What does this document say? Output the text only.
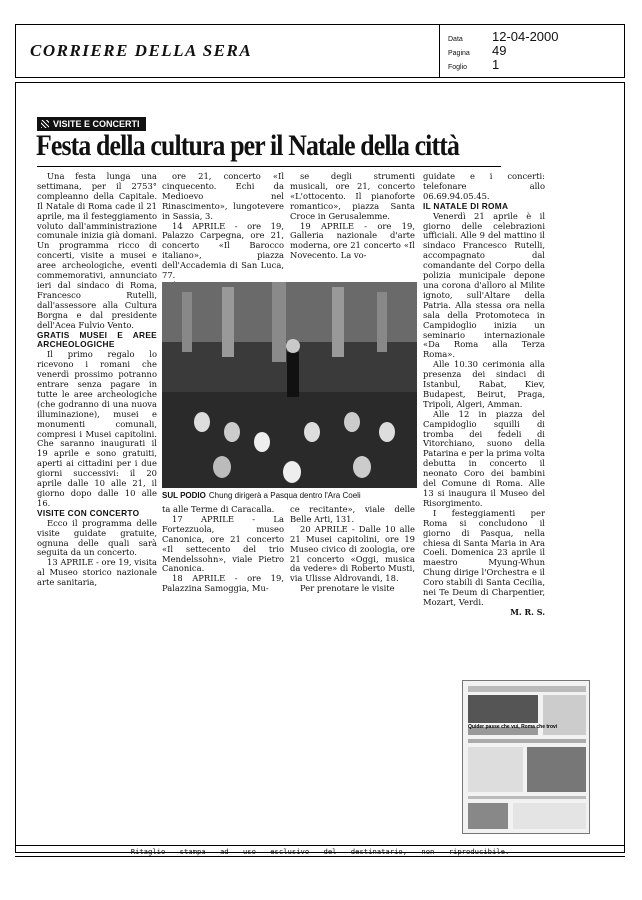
CORRIERE DELLA SERA
Data	12-04-2000
Pagina	49
Foglio	1
VISITE E CONCERTI
Festa della cultura per il Natale della città

Una festa lunga una settimana, per il 2753° compleanno della Capitale. Il Natale di Roma cade il 21 aprile, ma il festeggiamento voluto dall'amministrazione comunale inizia già domani. Un programma ricco di concerti, visite a musei e aree archeologiche, eventi commemorativi, annunciato ieri dal sindaco di Roma, Francesco Rutelli, dall'assessore alla Cultura Borgna e dal presidente dell'Acea Fulvio Vento.

GRATIS MUSEI E AREE ARCHEOLOGICHE

Il primo regalo lo ricevono i romani che venerdì prossimo potranno entrare senza pagare in tutte le aree archeologiche (che godranno di una nuova illuminazione), musei e monumenti comunali, compresi i Musei capitolini. Che saranno inaugurati il 19 aprile e sono gratuiti, aperti ai cittadini per i due giorni successivi: il 20 aprile dalle 10 alle 21, il giorno dopo dalle 10 alle 16.

VISITE CON CONCERTO

Ecco il programma delle visite guidate gratuite, ognuna delle quali sarà seguita da un concerto.

13 APRILE - ore 19, visita al Museo storico nazionale arte sanitaria,

ore 21, concerto «Il cinquecento. Echi da Medioevo nel Rinascimento», lungotevere in Sassia, 3.

14 APRILE - ore 19, Palazzo Carpegna, ore 21, concerto «Il Barocco italiano», piazza dell'Accademia di San Luca, 77.

se degli strumenti musicali, ore 21, concerto «L'ottocento. Il pianoforte romantico», piazza Santa Croce in Gerusalemme.

19 APRILE - ore 19, Galleria nazionale d'arte moderna, ore 21 concerto «Il Novecento. La vo-

SUL PODIO Chung dirigerà a Pasqua dentro l'Ara Coeli

ta alle Terme di Caracalla.

17 APRILE - La Fortezzuola, museo Canonica, ore 21 concerto «Il settecento del trio Mendelssohn», viale Pietro Canonica.

18 APRILE - ore 19, Palazzina Samoggia, Mu-

ce recitante», viale delle Belle Arti, 131.

20 APRILE - Dalle 10 alle 21 Musei capitolini, ore 19 Museo civico di zoologia, ore 21 concerto «Oggi, musica da vedere» di Roberto Musti, via Ulisse Aldrovandi, 18.

Per prenotare le visite

guidate e i concerti: telefonare allo 06.69.94.05.45.

IL NATALE DI ROMA

Venerdì 21 aprile è il giorno delle celebrazioni ufficiali. Alle 9 del mattino il sindaco Francesco Rutelli, accompagnato dal comandante del Corpo della polizia municipale depone una corona d'alloro al Milite ignoto, sull'Altare della Patria. Alla stessa ora nella sala della Protomoteca in Campidoglio inizia un seminario internazionale «Da Roma alla Terza Roma».

Alle 10.30 cerimonia alla presenza dei sindaci di Istanbul, Rabat, Kiev, Budapest, Beirut, Praga, Tripoli, Algeri, Amman.

Alle 12 in piazza del Campidoglio squilli di tromba dei fedeli di Vitorchiano, suono della Patarina e per la prima volta debutta in concerto il neonato Coro dei bambini del Comune di Roma. Alle 13 si inaugura il Museo del Risorgimento.

I festeggiamenti per Roma si concludono il giorno di Pasqua, nella chiesa di Santa Maria in Ara Coeli. Domenica 23 aprile il maestro Myung-Whun Chung dirige l'Orchestra e il Coro stabili di Santa Cecilia, nei Te Deum di Charpentier, Mozart, Verdi.

M. R. S.

Quider passe che vui, Roma che trovi
Ritaglio stampa ad uso esclusivo del destinatario, non riproducibile.
